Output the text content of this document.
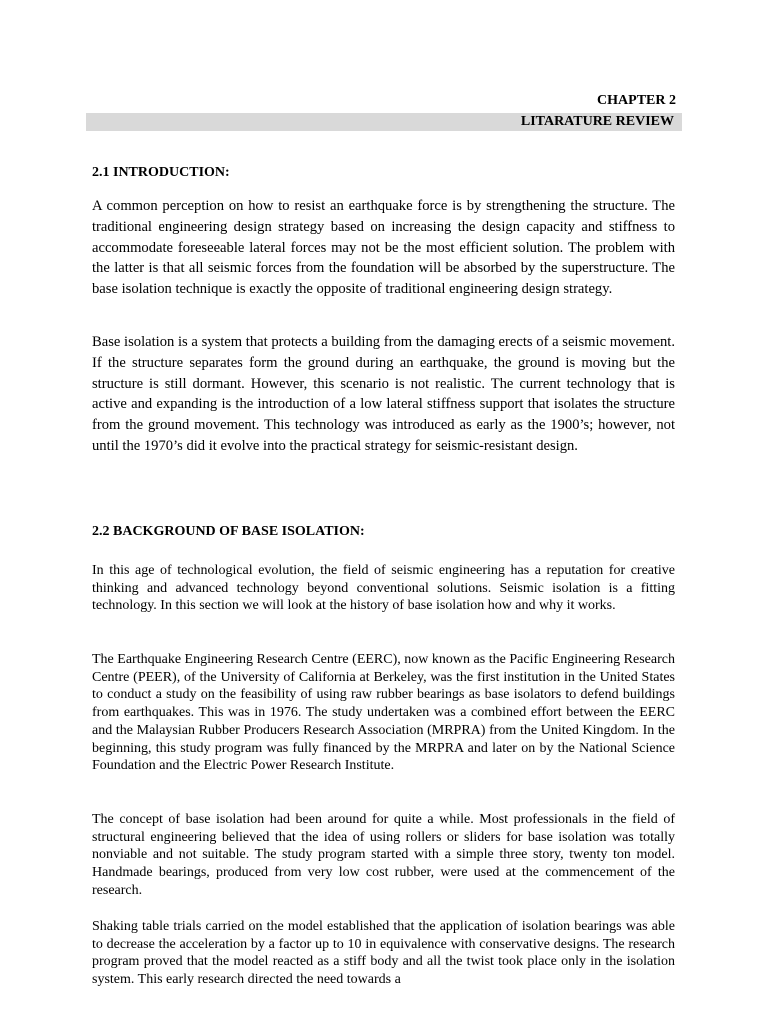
CHAPTER 2
LITARATURE REVIEW
2.1 INTRODUCTION:

A common perception on how to resist an earthquake force is by strengthening the structure. The traditional engineering design strategy based on increasing the design capacity and stiffness to accommodate foreseeable lateral forces may not be the most efficient solution. The problem with the latter is that all seismic forces from the foundation will be absorbed by the superstructure. The base isolation technique is exactly the opposite of traditional engineering design strategy.

Base isolation is a system that protects a building from the damaging erects of a seismic movement. If the structure separates form the ground during an earthquake, the ground is moving but the structure is still dormant. However, this scenario is not realistic. The current technology that is active and expanding is the introduction of a low lateral stiffness support that isolates the structure from the ground movement. This technology was introduced as early as the 1900’s; however, not until the 1970’s did it evolve into the practical strategy for seismic-resistant design.

2.2 BACKGROUND OF BASE ISOLATION:

In this age of technological evolution, the field of seismic engineering has a reputation for creative thinking and advanced technology beyond conventional solutions. Seismic isolation is a fitting technology. In this section we will look at the history of base isolation how and why it works.

The Earthquake Engineering Research Centre (EERC), now known as the Pacific Engineering Research Centre (PEER), of the University of California at Berkeley, was the first institution in the United States to conduct a study on the feasibility of using raw rubber bearings as base isolators to defend buildings from earthquakes. This was in 1976. The study undertaken was a combined effort between the EERC and the Malaysian Rubber Producers Research Association (MRPRA) from the United Kingdom. In the beginning, this study program was fully financed by the MRPRA and later on by the National Science Foundation and the Electric Power Research Institute.

The concept of base isolation had been around for quite a while. Most professionals in the field of structural engineering believed that the idea of using rollers or sliders for base isolation was totally nonviable and not suitable. The study program started with a simple three story, twenty ton model. Handmade bearings, produced from very low cost rubber, were used at the commencement of the research.

Shaking table trials carried on the model established that the application of isolation bearings was able to decrease the acceleration by a factor up to 10 in equivalence with conservative designs. The research program proved that the model reacted as a stiff body and all the twist took place only in the isolation system. This early research directed the need towards a
